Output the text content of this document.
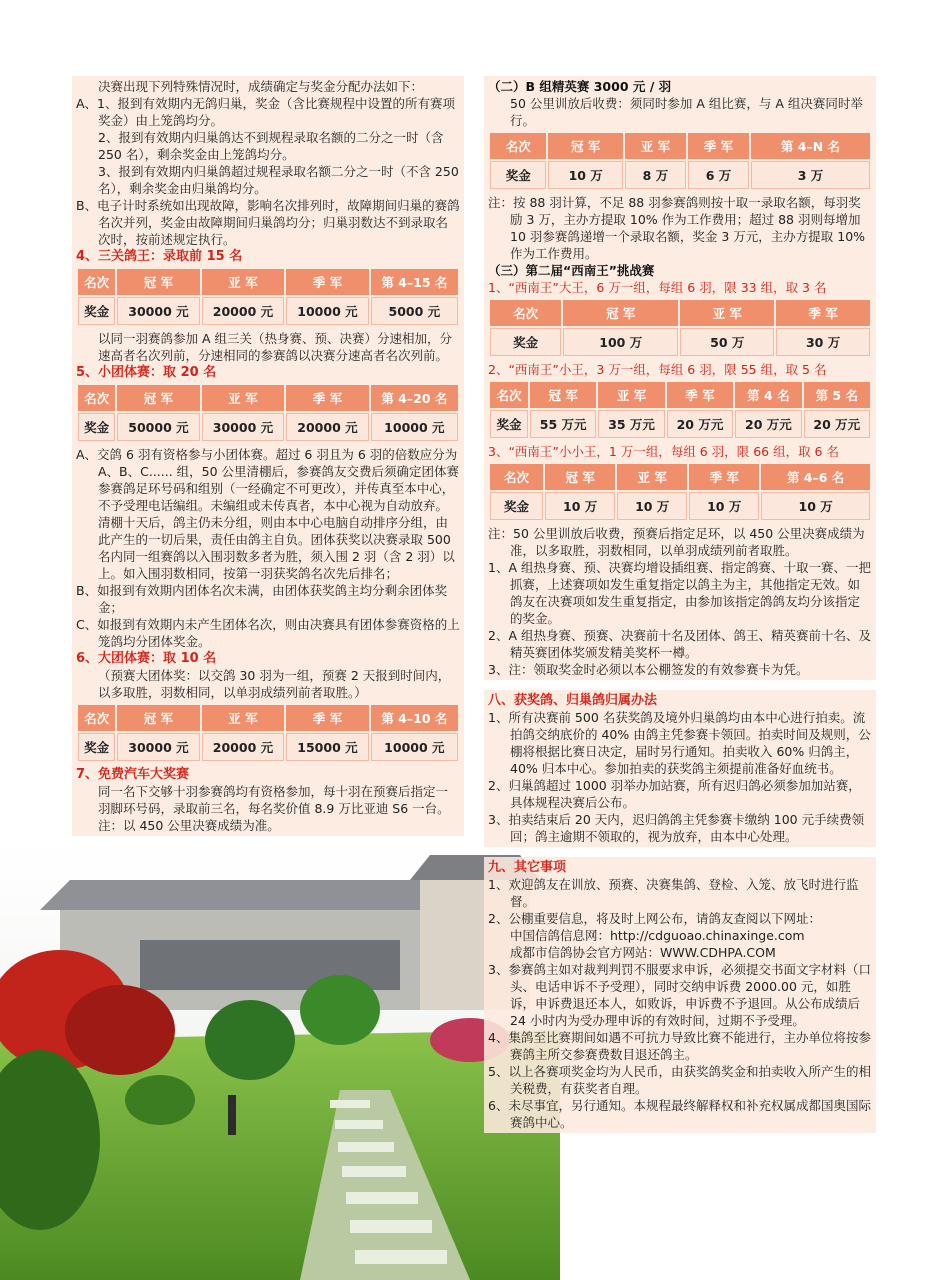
决赛出现下列特殊情况时，成绩确定与奖金分配办法如下：

A、1、报到有效期内无鸽归巢，奖金（含比赛规程中设置的所有赛项奖金）由上笼鸽均分。

2、报到有效期内归巢鸽达不到规程录取名额的二分之一时（含 250 名），剩余奖金由上笼鸽均分。

3、报到有效期内归巢鸽超过规程录取名额二分之一时（不含 250 名），剩余奖金由归巢鸽均分。

B、电子计时系统如出现故障，影响名次排列时，故障期间归巢的赛鸽名次并列，奖金由故障期间归巢鸽均分；归巢羽数达不到录取名次时，按前述规定执行。

4、三关鸽王：录取前 15 名

名次	冠 军	亚 军	季 军	第 4–15 名
奖金	30000 元	20000 元	10000 元	5000 元

以同一羽赛鸽参加 A 组三关（热身赛、预、决赛）分速相加，分速高者名次列前，分速相同的参赛鸽以决赛分速高者名次列前。

5、小团体赛：取 20 名

名次	冠 军	亚 军	季 军	第 4–20 名
奖金	50000 元	30000 元	20000 元	10000 元

A、交鸽 6 羽有资格参与小团体赛。超过 6 羽且为 6 羽的倍数应分为 A、B、C...... 组，50 公里清棚后，参赛鸽友交费后须确定团体赛参赛鸽足环号码和组别（一经确定不可更改），并传真至本中心，不予受理电话编组。未编组或未传真者，本中心视为自动放弃。清棚十天后，鸽主仍未分组，则由本中心电脑自动排序分组，由此产生的一切后果，责任由鸽主自负。团体获奖以决赛录取 500 名内同一组赛鸽以入围羽数多者为胜，须入围 2 羽（含 2 羽）以上。如入围羽数相同，按第一羽获奖鸽名次先后排名；

B、如报到有效期内团体名次未满，由团体获奖鸽主均分剩余团体奖金；

C、如报到有效期内未产生团体名次，则由决赛具有团体参赛资格的上笼鸽均分团体奖金。

6、大团体赛：取 10 名

（预赛大团体奖：以交鸽 30 羽为一组，预赛 2 天报到时间内，以多取胜，羽数相同，以单羽成绩列前者取胜。）

名次	冠 军	亚 军	季 军	第 4–10 名
奖金	30000 元	20000 元	15000 元	10000 元

7、免费汽车大奖赛

同一名下交够十羽参赛鸽均有资格参加，每十羽在预赛后指定一羽脚环号码，录取前三名，每名奖价值 8.9 万比亚迪 S6 一台。

注：以 450 公里决赛成绩为准。

（二）B 组精英赛 3000 元 / 羽

50 公里训放后收费：须同时参加 A 组比赛，与 A 组决赛同时举行。

名次	冠 军	亚 军	季 军	第 4–N 名
奖金	10 万	8 万	6 万	3 万

注：按 88 羽计算，不足 88 羽参赛鸽则按十取一录取名额，每羽奖励 3 万，主办方提取 10% 作为工作费用；超过 88 羽则每增加 10 羽参赛鸽递增一个录取名额，奖金 3 万元，主办方提取 10% 作为工作费用。

（三）第二届“西南王”挑战赛

1、“西南王”大王，6 万一组，每组 6 羽，限 33 组，取 3 名

名次	冠 军	亚 军	季 军
奖金	100 万	50 万	30 万

2、“西南王”小王，3 万一组，每组 6 羽，限 55 组，取 5 名

名次	冠 军	亚 军	季 军	第 4 名	第 5 名
奖金	55 万元	35 万元	20 万元	20 万元	20 万元

3、“西南王”小小王，1 万一组，每组 6 羽，限 66 组，取 6 名

名次	冠 军	亚 军	季 军	第 4–6 名
奖金	10 万	10 万	10 万	10 万

注：50 公里训放后收费，预赛后指定足环，以 450 公里决赛成绩为准，以多取胜，羽数相同，以单羽成绩列前者取胜。

1、A 组热身赛、预、决赛均增设插组赛、指定鸽赛、十取一赛、一把抓赛，上述赛项如发生重复指定以鸽主为主，其他指定无效。如鸽友在决赛项如发生重复指定，由参加该指定鸽鸽友均分该指定的奖金。

2、A 组热身赛、预赛、决赛前十名及团体、鸽王、精英赛前十名、及精英赛团体奖颁发精美奖杯一樽。

3、注：领取奖金时必须以本公棚签发的有效参赛卡为凭。

八、获奖鸽、归巢鸽归属办法

1、所有决赛前 500 名获奖鸽及境外归巢鸽均由本中心进行拍卖。流拍鸽交纳底价的 40% 由鸽主凭参赛卡领回。拍卖时间及规则，公棚将根据比赛日决定，届时另行通知。拍卖收入 60% 归鸽主，40% 归本中心。参加拍卖的获奖鸽主须提前准备好血统书。

2、归巢鸽超过 1000 羽举办加站赛，所有迟归鸽必须参加加站赛，具体规程决赛后公布。

3、拍卖结束后 20 天内，迟归鸽鸽主凭参赛卡缴纳 100 元手续费领回；鸽主逾期不领取的，视为放弃，由本中心处理。

九、其它事项

1、欢迎鸽友在训放、预赛、决赛集鸽、登检、入笼、放飞时进行监督。

2、公棚重要信息，将及时上网公布，请鸽友查阅以下网址：

中国信鸽信息网：http://cdguoao.chinaxinge.com

成都市信鸽协会官方网站：WWW.CDHPA.COM

3、参赛鸽主如对裁判判罚不服要求申诉，必须提交书面文字材料（口头、电话申诉不予受理），同时交纳申诉费 2000.00 元，如胜诉，申诉费退还本人，如败诉，申诉费不予退回。从公布成绩后 24 小时内为受办理申诉的有效时间，过期不予受理。

4、集鸽至比赛期间如遇不可抗力导致比赛不能进行，主办单位将按参赛鸽主所交参赛费数目退还鸽主。

5、以上各赛项奖金均为人民币，由获奖鸽奖金和拍卖收入所产生的相关税费，有获奖者自理。

6、未尽事宜，另行通知。本规程最终解释权和补充权属成都国奥国际赛鸽中心。
